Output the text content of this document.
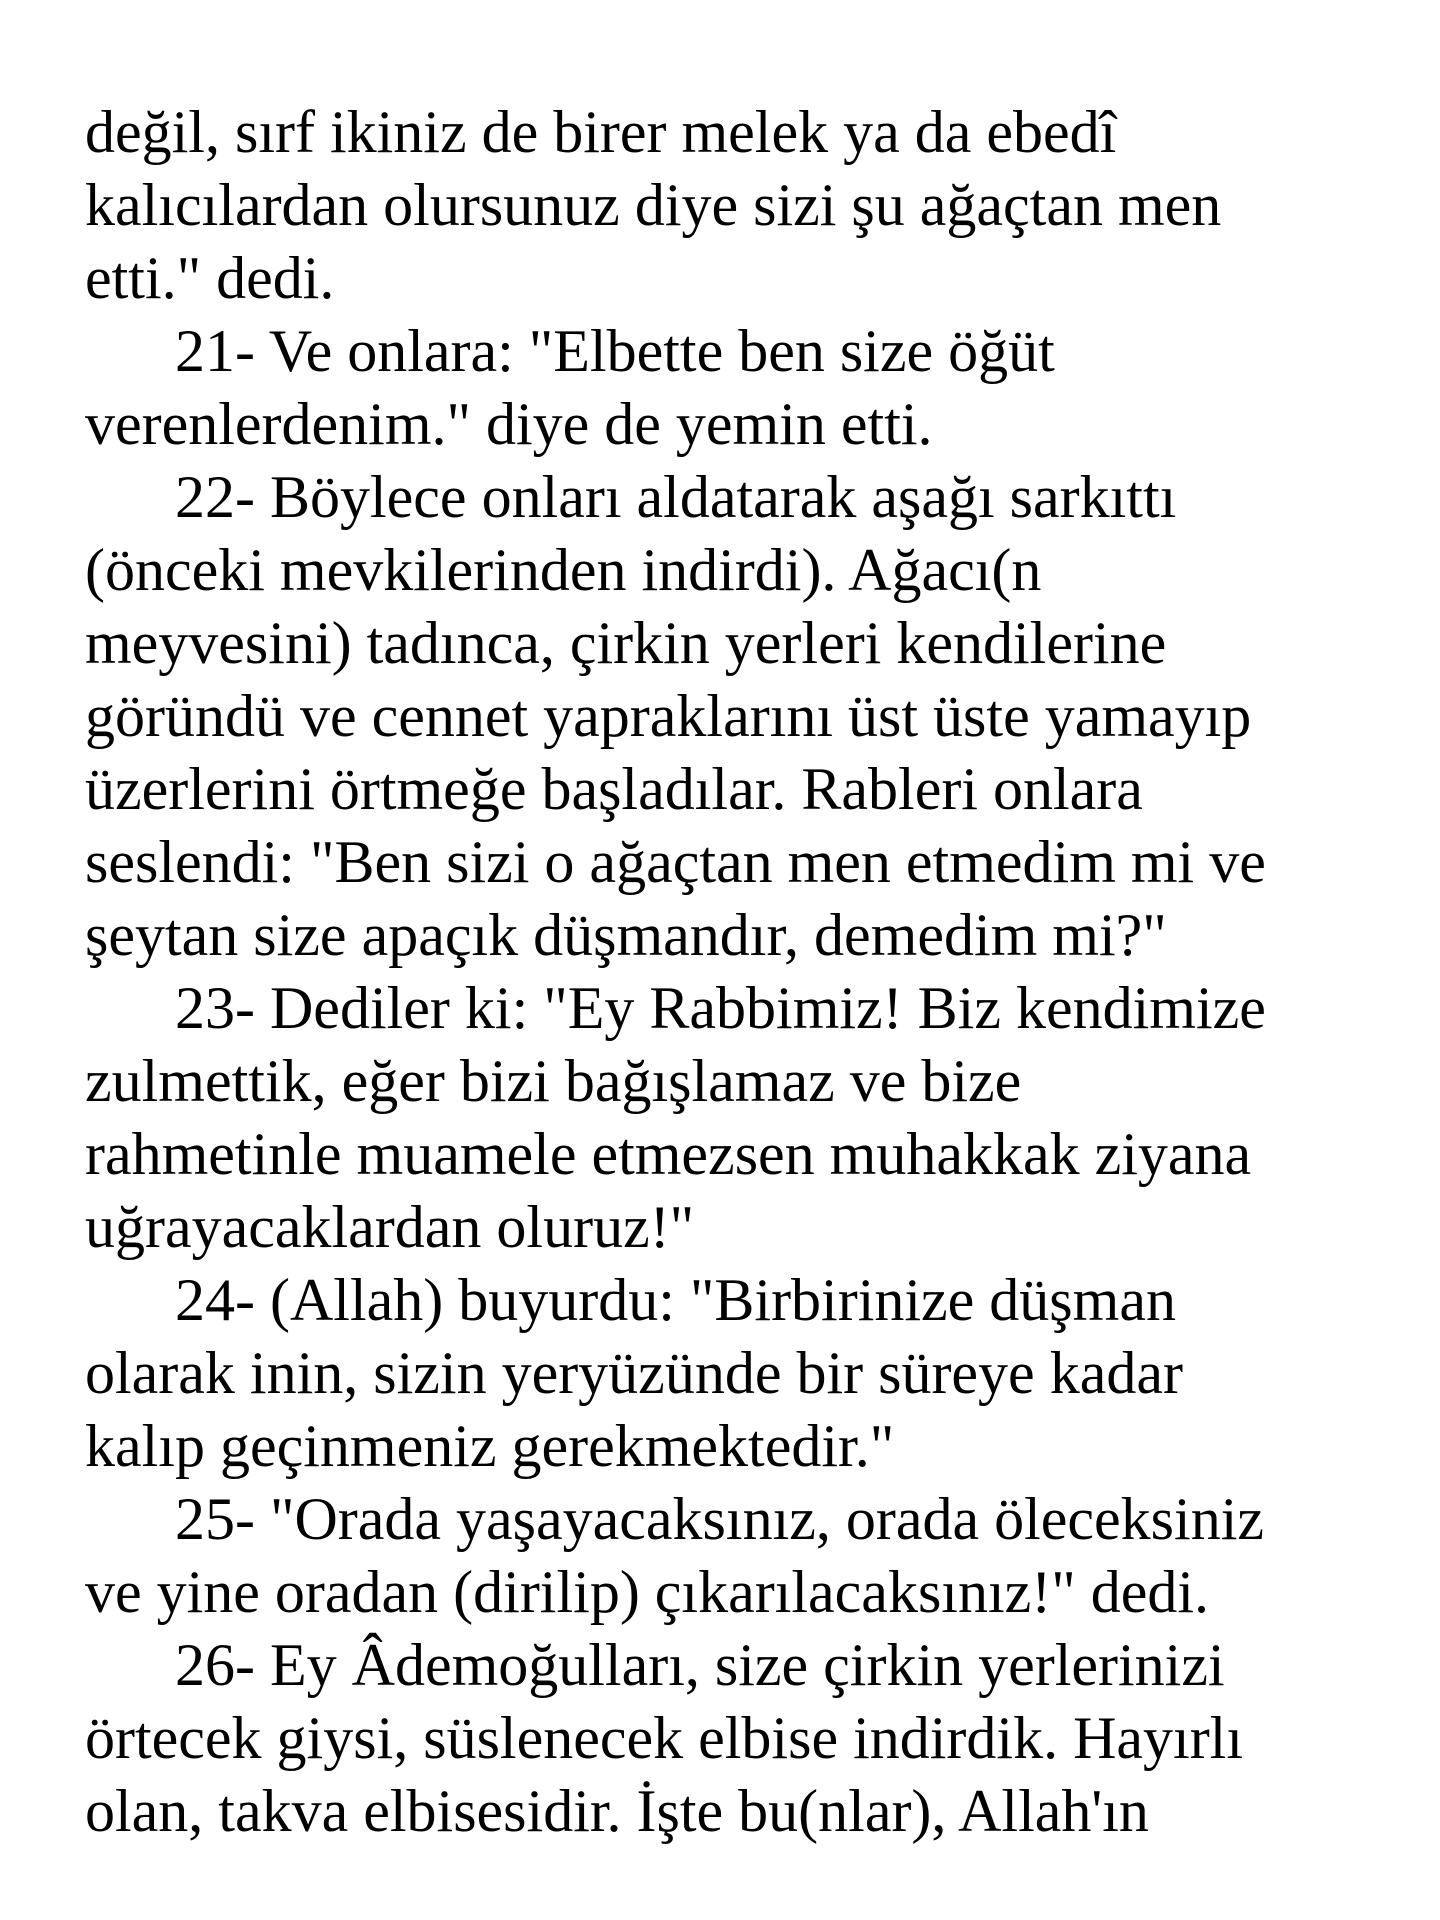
değil, sırf ikiniz de birer melek ya da ebedî
kalıcılardan olursunuz diye sizi şu ağaçtan men
etti." dedi.

21- Ve onlara: "Elbette ben size öğüt
verenlerdenim." diye de yemin etti.

22- Böylece onları aldatarak aşağı sarkıttı
(önceki mevkilerinden indirdi). Ağacı(n
meyvesini) tadınca, çirkin yerleri kendilerine
göründü ve cennet yapraklarını üst üste yamayıp
üzerlerini örtmeğe başladılar. Rableri onlara
seslendi: "Ben sizi o ağaçtan men etmedim mi ve
şeytan size apaçık düşmandır, demedim mi?"

23- Dediler ki: "Ey Rabbimiz! Biz kendimize
zulmettik, eğer bizi bağışlamaz ve bize
rahmetinle muamele etmezsen muhakkak ziyana
uğrayacaklardan oluruz!"

24- (Allah) buyurdu: "Birbirinize düşman
olarak inin, sizin yeryüzünde bir süreye kadar
kalıp geçinmeniz gerekmektedir."

25- "Orada yaşayacaksınız, orada öleceksiniz
ve yine oradan (dirilip) çıkarılacaksınız!" dedi.

26- Ey Âdemoğulları, size çirkin yerlerinizi
örtecek giysi, süslenecek elbise indirdik. Hayırlı
olan, takva elbisesidir. İşte bu(nlar), Allah'ın
